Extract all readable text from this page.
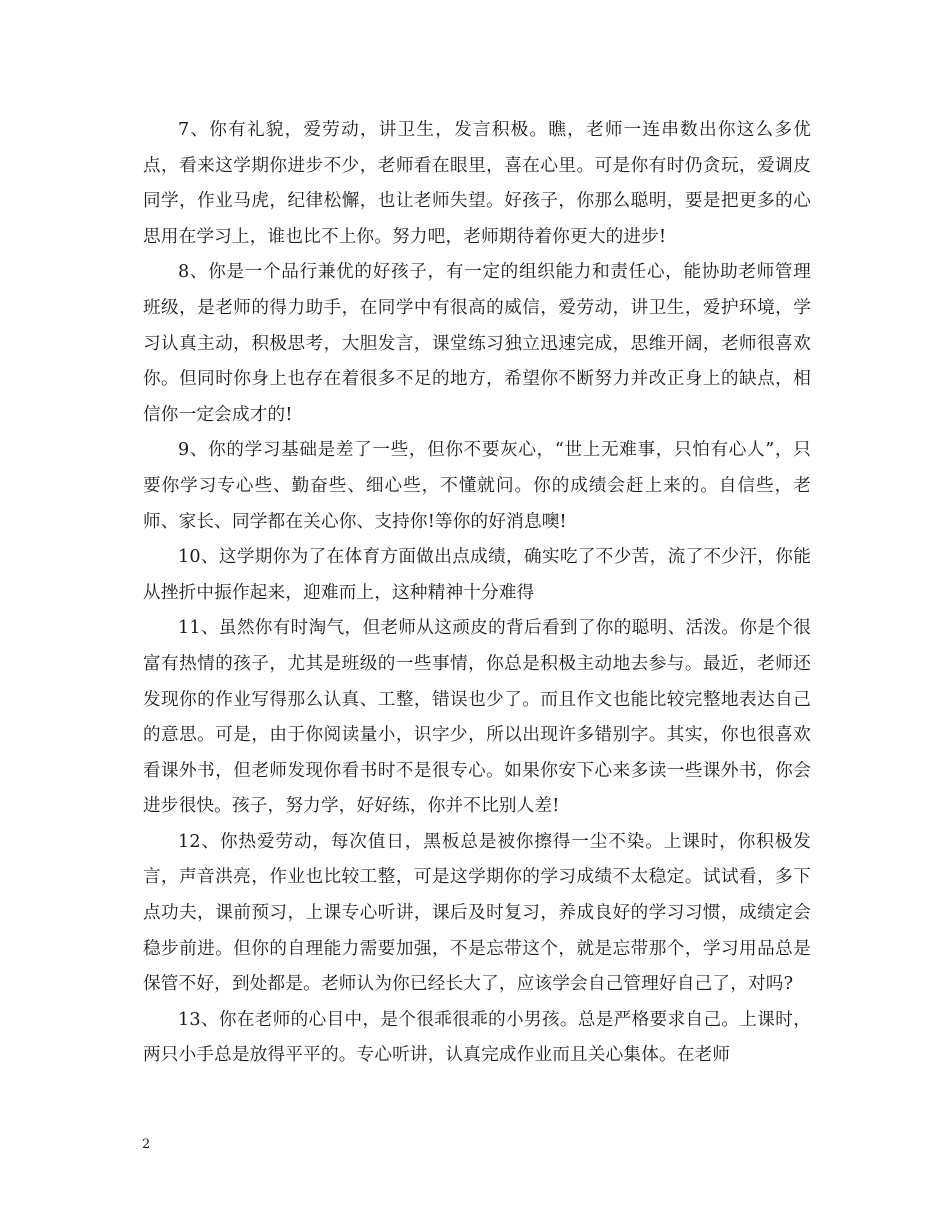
7、你有礼貌，爱劳动，讲卫生，发言积极。瞧，老师一连串数出你这么多优点，看来这学期你进步不少，老师看在眼里，喜在心里。可是你有时仍贪玩，爱调皮同学，作业马虎，纪律松懈，也让老师失望。好孩子，你那么聪明，要是把更多的心思用在学习上，谁也比不上你。努力吧，老师期待着你更大的进步!

8、你是一个品行兼优的好孩子，有一定的组织能力和责任心，能协助老师管理班级，是老师的得力助手，在同学中有很高的威信，爱劳动，讲卫生，爱护环境，学习认真主动，积极思考，大胆发言，课堂练习独立迅速完成，思维开阔，老师很喜欢你。但同时你身上也存在着很多不足的地方，希望你不断努力并改正身上的缺点，相信你一定会成才的!

9、你的学习基础是差了一些，但你不要灰心，“世上无难事，只怕有心人”，只要你学习专心些、勤奋些、细心些，不懂就问。你的成绩会赶上来的。自信些，老师、家长、同学都在关心你、支持你!等你的好消息噢!

10、这学期你为了在体育方面做出点成绩，确实吃了不少苦，流了不少汗，你能从挫折中振作起来，迎难而上，这种精神十分难得

11、虽然你有时淘气，但老师从这顽皮的背后看到了你的聪明、活泼。你是个很富有热情的孩子，尤其是班级的一些事情，你总是积极主动地去参与。最近，老师还发现你的作业写得那么认真、工整，错误也少了。而且作文也能比较完整地表达自己的意思。可是，由于你阅读量小，识字少，所以出现许多错别字。其实，你也很喜欢看课外书，但老师发现你看书时不是很专心。如果你安下心来多读一些课外书，你会进步很快。孩子，努力学，好好练，你并不比别人差!

12、你热爱劳动，每次值日，黑板总是被你擦得一尘不染。上课时，你积极发言，声音洪亮，作业也比较工整，可是这学期你的学习成绩不太稳定。试试看，多下点功夫，课前预习，上课专心听讲，课后及时复习，养成良好的学习习惯，成绩定会稳步前进。但你的自理能力需要加强，不是忘带这个，就是忘带那个，学习用品总是保管不好，到处都是。老师认为你已经长大了，应该学会自己管理好自己了，对吗?

13、你在老师的心目中，是个很乖很乖的小男孩。总是严格要求自己。上课时，两只小手总是放得平平的。专心听讲，认真完成作业而且关心集体。在老师

2
